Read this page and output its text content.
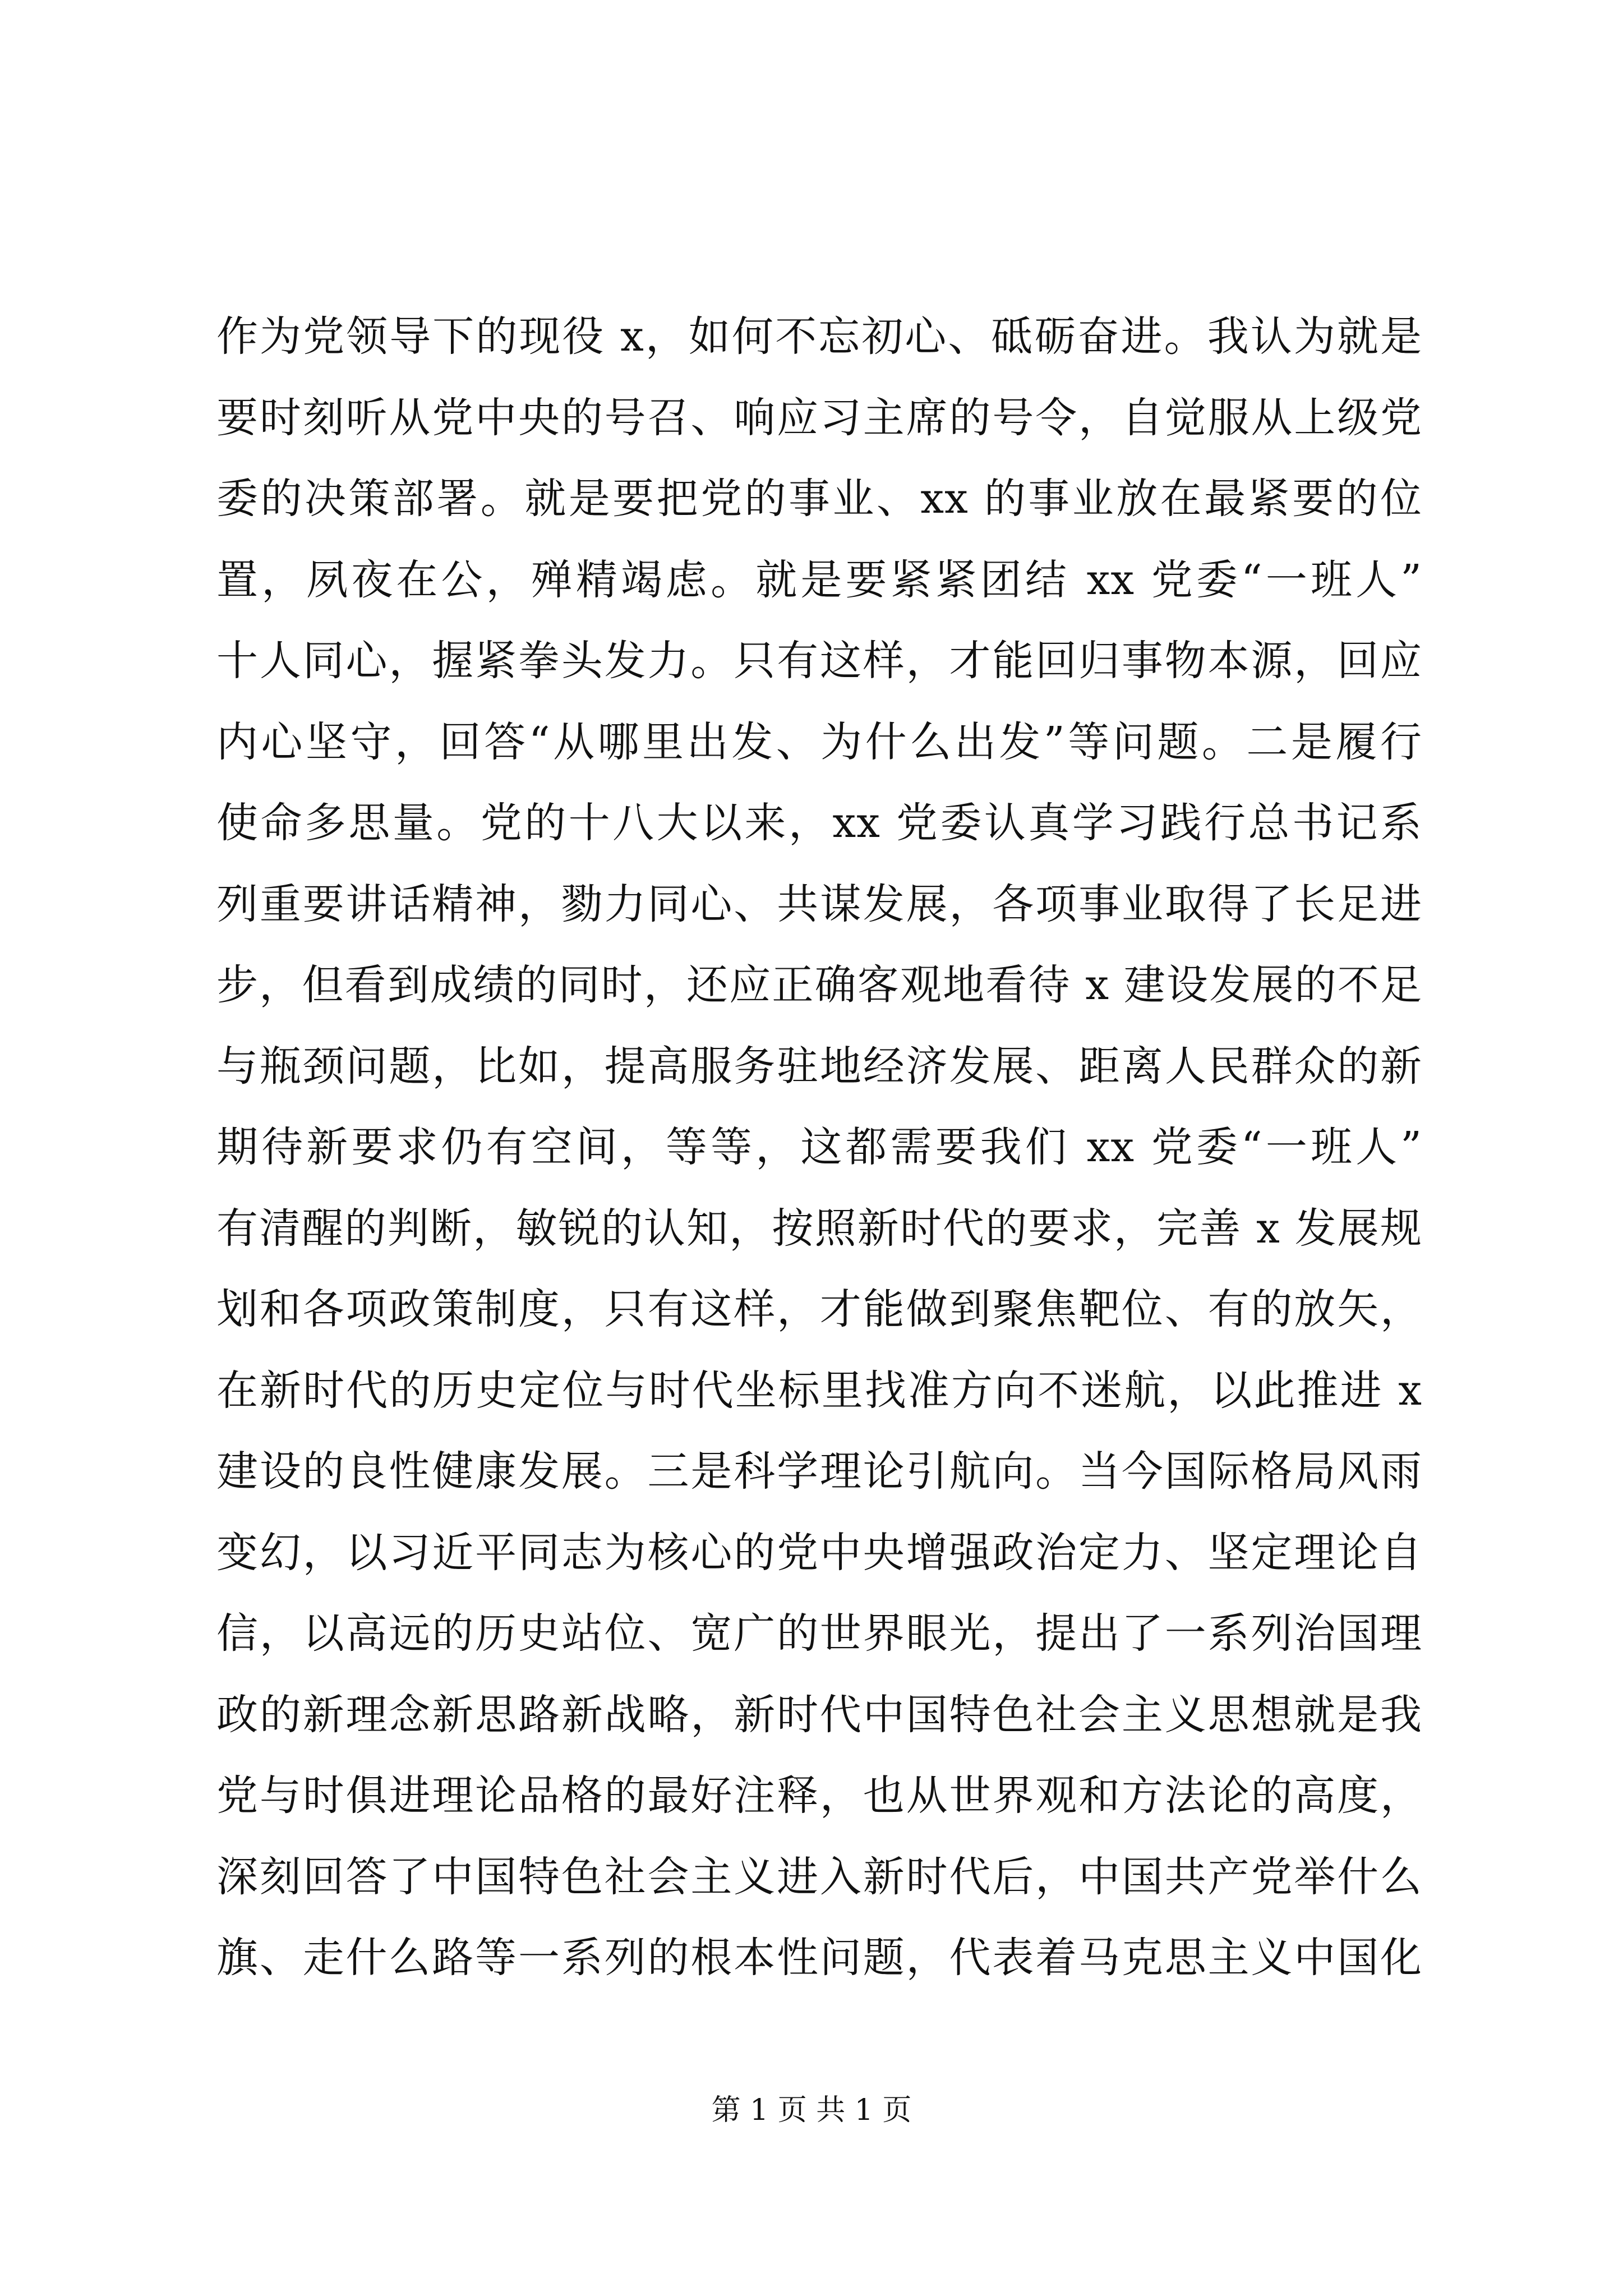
作为党领导下的现役 x，如何不忘初心、砥砺奋进。我认为就是
要时刻听从党中央的号召、响应习主席的号令，自觉服从上级党
委的决策部署。就是要把党的事业、xx 的事业放在最紧要的位
置，夙夜在公，殚精竭虑。就是要紧紧团结 xx 党委“一班人”
十人同心，握紧拳头发力。只有这样，才能回归事物本源，回应
内心坚守，回答“从哪里出发、为什么出发”等问题。二是履行
使命多思量。党的十八大以来，xx 党委认真学习践行总书记系
列重要讲话精神，勠力同心、共谋发展，各项事业取得了长足进
步，但看到成绩的同时，还应正确客观地看待 x 建设发展的不足
与瓶颈问题，比如，提高服务驻地经济发展、距离人民群众的新
期待新要求仍有空间，等等，这都需要我们 xx 党委“一班人”
有清醒的判断，敏锐的认知，按照新时代的要求，完善 x 发展规
划和各项政策制度，只有这样，才能做到聚焦靶位、有的放矢，
在新时代的历史定位与时代坐标里找准方向不迷航，以此推进 x
建设的良性健康发展。三是科学理论引航向。当今国际格局风雨
变幻，以习近平同志为核心的党中央增强政治定力、坚定理论自
信，以高远的历史站位、宽广的世界眼光，提出了一系列治国理
政的新理念新思路新战略，新时代中国特色社会主义思想就是我
党与时俱进理论品格的最好注释，也从世界观和方法论的高度，
深刻回答了中国特色社会主义进入新时代后，中国共产党举什么
旗、走什么路等一系列的根本性问题，代表着马克思主义中国化
第 1 页 共 1 页
